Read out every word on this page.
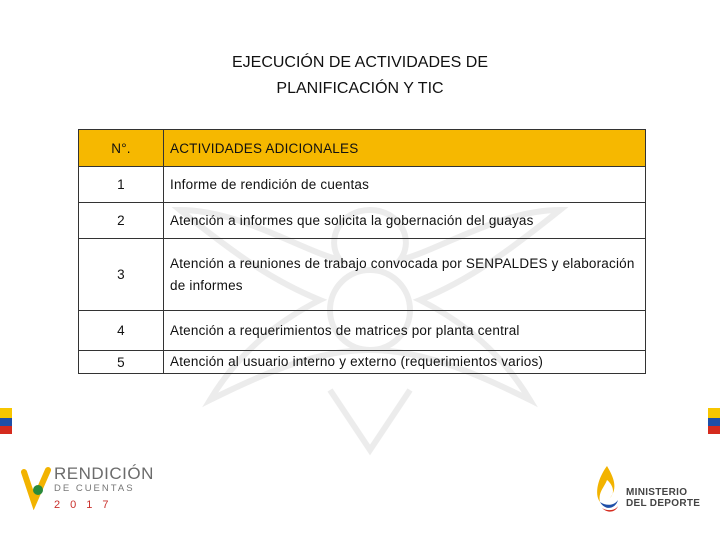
EJECUCIÓN DE ACTIVIDADES DE
PLANIFICACIÓN Y TIC
N°.	ACTIVIDADES ADICIONALES
1	Informe de rendición de cuentas
2	Atención a informes que solicita la gobernación del guayas
3	Atención a reuniones de trabajo convocada por SENPALDES y elaboración de informes
4	Atención a requerimientos de matrices por planta central
5	Atención al usuario interno y externo (requerimientos varios)
RENDICIÓN
DE CUENTAS
2017
MINISTERIO
DEL DEPORTE
